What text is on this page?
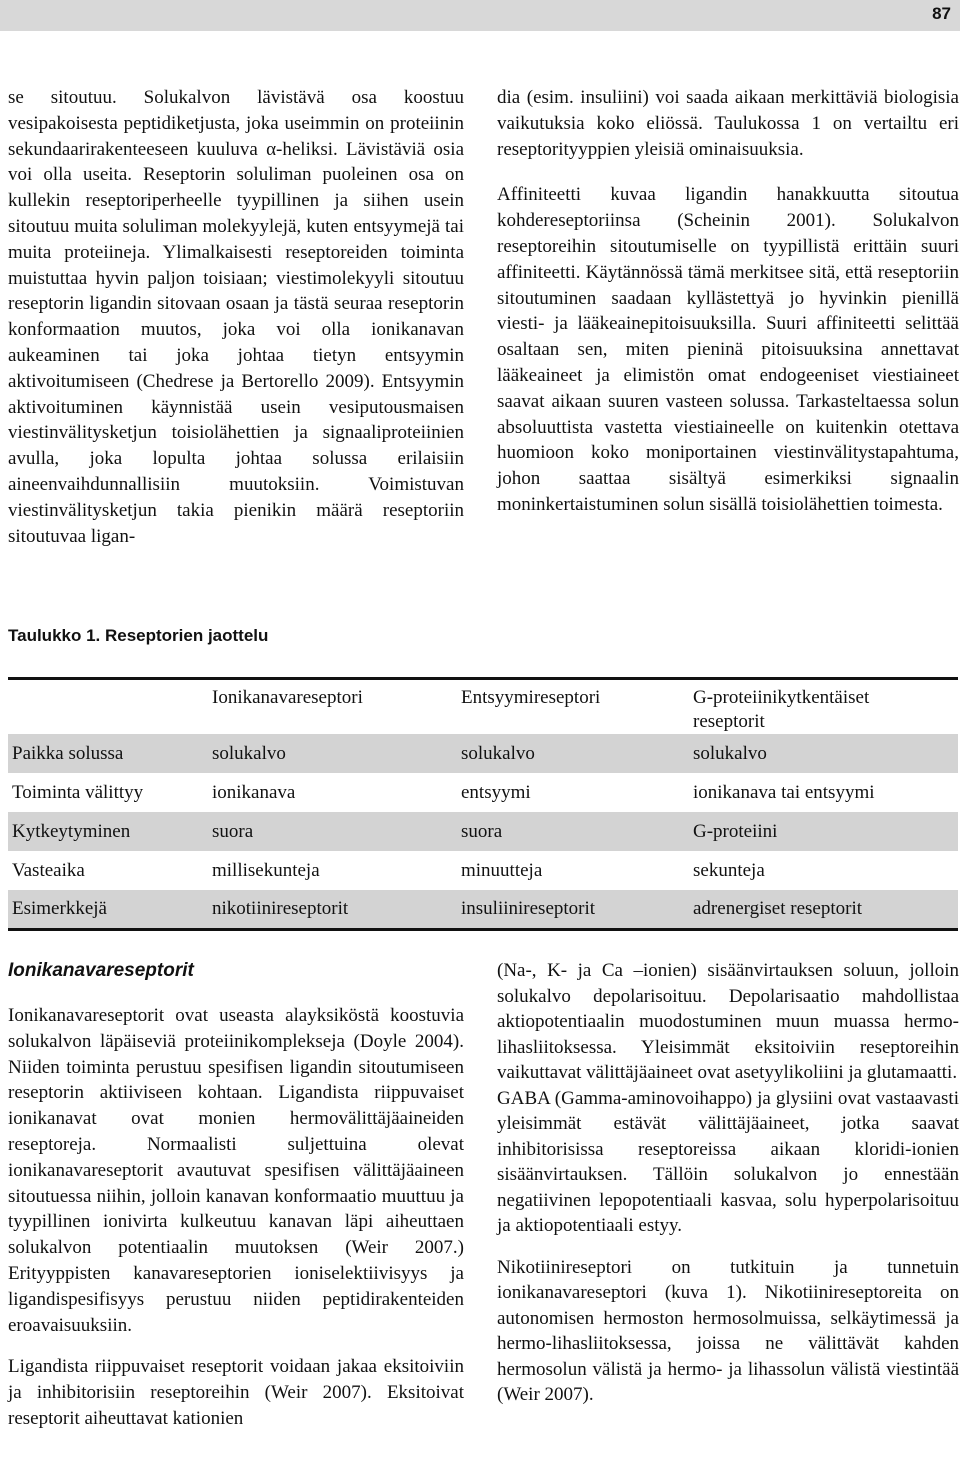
87

se sitoutuu. Solukalvon lävistävä osa koostuu vesipakoisesta peptidiketjusta, joka useimmin on proteiinin sekundaarirakenteeseen kuuluva α-heliksi. Lävistäviä osia voi olla useita. Reseptorin soluliman puoleinen osa on kullekin reseptoriperheelle tyypillinen ja siihen usein sitoutuu muita soluliman molekyylejä, kuten entsyymejä tai muita proteiineja. Ylimalkaisesti reseptoreiden toiminta muistuttaa hyvin paljon toisiaan; viestimolekyyli sitoutuu reseptorin ligandin sitovaan osaan ja tästä seuraa reseptorin konformaation muutos, joka voi olla ionikanavan aukeaminen tai joka johtaa tietyn entsyymin aktivoitumiseen (Chedrese ja Bertorello 2009). Entsyymin aktivoituminen käynnistää usein vesiputousmaisen viestinvälitysketjun toisiolähettien ja signaaliproteiinien avulla, joka lopulta johtaa solussa erilaisiin aineenvaihdunnallisiin muutoksiin. Voimistuvan viestinvälitysketjun takia pienikin määrä reseptoriin sitoutuvaa ligan-

dia (esim. insuliini) voi saada aikaan merkittäviä biologisia vaikutuksia koko eliössä. Taulukossa 1 on vertailtu eri reseptorityyppien yleisiä ominaisuuksia.

Affiniteetti kuvaa ligandin hanakkuutta sitoutua kohdereseptoriinsa (Scheinin 2001). Solukalvon reseptoreihin sitoutumiselle on tyypillistä erittäin suuri affiniteetti. Käytännössä tämä merkitsee sitä, että reseptoriin sitoutuminen saadaan kyllästettyä jo hyvinkin pienillä viesti- ja lääkeainepitoisuuksilla. Suuri affiniteetti selittää osaltaan sen, miten pieninä pitoisuuksina annettavat lääkeaineet ja elimistön omat endogeeniset viestiaineet saavat aikaan suuren vasteen solussa. Tarkasteltaessa solun absoluuttista vastetta viestiaineelle on kuitenkin otettava huomioon koko moniportainen viestinvälitystapahtuma, johon saattaa sisältyä esimerkiksi signaalin moninkertaistuminen solun sisällä toisiolähettien toimesta.

Taulukko 1. Reseptorien jaottelu
	Ionikanavareseptori	Entsyymireseptori	G-proteiinikytkentäiset reseptorit
Paikka solussa	solukalvo	solukalvo	solukalvo
Toiminta välittyy	ionikanava	entsyymi	ionikanava tai entsyymi
Kytkeytyminen	suora	suora	G-proteiini
Vasteaika	millisekunteja	minuutteja	sekunteja
Esimerkkejä	nikotiinireseptorit	insuliinireseptorit	adrenergiset reseptorit
Ionikanavareseptorit

Ionikanavareseptorit ovat useasta alayksiköstä koostuvia solukalvon läpäiseviä proteiinikomplekseja (Doyle 2004). Niiden toiminta perustuu spesifisen ligandin sitoutumiseen reseptorin aktiiviseen kohtaan. Ligandista riippuvaiset ionikanavat ovat monien hermovälittäjäaineiden reseptoreja. Normaalisti suljettuina olevat ionikanavareseptorit avautuvat spesifisen välittäjäaineen sitoutuessa niihin, jolloin kanavan konformaatio muuttuu ja tyypillinen ionivirta kulkeutuu kanavan läpi aiheuttaen solukalvon potentiaalin muutoksen (Weir 2007.) Erityyppisten kanavareseptorien ioniselektiivisyys ja ligandispesifisyys perustuu niiden peptidirakenteiden eroavaisuuksiin.

Ligandista riippuvaiset reseptorit voidaan jakaa eksitoiviin ja inhibitorisiin reseptoreihin (Weir 2007). Eksitoivat reseptorit aiheuttavat kationien

(Na-, K- ja Ca –ionien) sisäänvirtauksen soluun, jolloin solukalvo depolarisoituu. Depolarisaatio mahdollistaa aktiopotentiaalin muodostuminen muun muassa hermo-lihasliitoksessa. Yleisimmät eksitoiviin reseptoreihin vaikuttavat välittäjäaineet ovat asetyylikoliini ja glutamaatti.

GABA (Gamma-aminovoihappo) ja glysiini ovat vastaavasti yleisimmät estävät välittäjäaineet, jotka saavat inhibitorisissa reseptoreissa aikaan kloridi-ionien sisäänvirtauksen. Tällöin solukalvon jo ennestään negatiivinen lepopotentiaali kasvaa, solu hyperpolarisoituu ja aktiopotentiaali estyy.

Nikotiinireseptori on tutkituin ja tunnetuin ionikanavareseptori (kuva 1). Nikotiinireseptoreita on autonomisen hermoston hermosolmuissa, selkäytimessä ja hermo-lihasliitoksessa, joissa ne välittävät kahden hermosolun välistä ja hermo- ja lihassolun välistä viestintää (Weir 2007).
